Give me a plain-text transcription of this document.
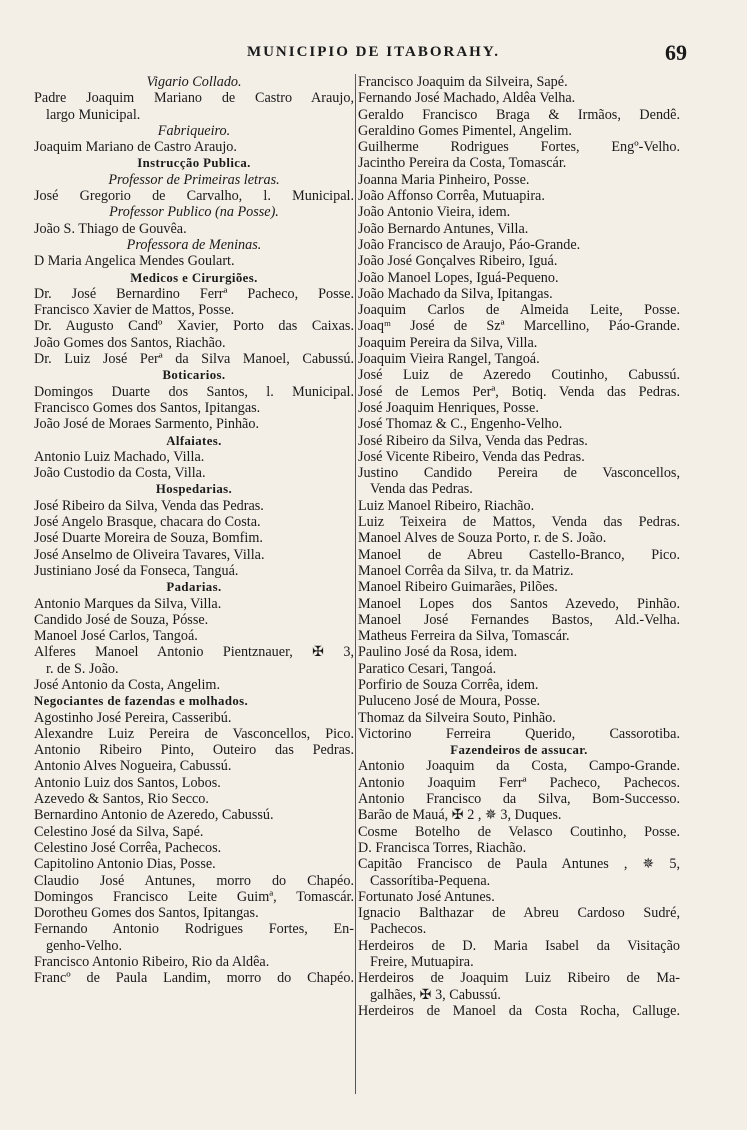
MUNICIPIO DE ITABORAHY.	69
Vigario Collado.
Padre Joaquim Mariano de Castro Araujo,
largo Municipal.
Fabriqueiro.
Joaquim Mariano de Castro Araujo.
Instrucção Publica.
Professor de Primeiras letras.
José Gregorio de Carvalho, l. Municipal.
Professor Publico (na Posse).
João S. Thiago de Gouvêa.
Professora de Meninas.
D Maria Angelica Mendes Goulart.
Medicos e Cirurgiões.
Dr. José Bernardino Ferrª Pacheco, Posse.
Francisco Xavier de Mattos, Posse.
Dr. Augusto Candº Xavier, Porto das Caixas.
João Gomes dos Santos, Riachão.
Dr. Luiz José Perª da Silva Manoel, Cabussú.
Boticarios.
Domingos Duarte dos Santos, l. Municipal.
Francisco Gomes dos Santos, Ipitangas.
João José de Moraes Sarmento, Pinhão.
Alfaiates.
Antonio Luiz Machado, Villa.
João Custodio da Costa, Villa.
Hospedarias.
José Ribeiro da Silva, Venda das Pedras.
José Angelo Brasque, chacara do Costa.
José Duarte Moreira de Souza, Bomfim.
José Anselmo de Oliveira Tavares, Villa.
Justiniano José da Fonseca, Tanguá.
Padarias.
Antonio Marques da Silva, Villa.
Candido José de Souza, Pósse.
Manoel José Carlos, Tangoá.
Alferes Manoel Antonio Pientznauer, ✠ 3,
r. de S. João.
José Antonio da Costa, Angelim.
Negociantes de fazendas e molhados.
Agostinho José Pereira, Casseribú.
Alexandre Luiz Pereira de Vasconcellos, Pico.
Antonio Ribeiro Pinto, Outeiro das Pedras.
Antonio Alves Nogueira, Cabussú.
Antonio Luiz dos Santos, Lobos.
Azevedo & Santos, Rio Secco.
Bernardino Antonio de Azeredo, Cabussú.
Celestino José da Silva, Sapé.
Celestino José Corrêa, Pachecos.
Capitolino Antonio Dias, Posse.
Claudio José Antunes, morro do Chapéo.
Domingos Francisco Leite Guimª, Tomascár.
Dorotheu Gomes dos Santos, Ipitangas.
Fernando Antonio Rodrigues Fortes, En-
genho-Velho.
Francisco Antonio Ribeiro, Rio da Aldêa.
Francº de Paula Landim, morro do Chapéo.
Francisco Joaquim da Silveira, Sapé.
Fernando José Machado, Aldêa Velha.
Geraldo Francisco Braga & Irmãos, Dendê.
Geraldino Gomes Pimentel, Angelim.
Guilherme Rodrigues Fortes, Engº-Velho.
Jacintho Pereira da Costa, Tomascár.
Joanna Maria Pinheiro, Posse.
João Affonso Corrêa, Mutuapira.
João Antonio Vieira, idem.
João Bernardo Antunes, Villa.
João Francisco de Araujo, Páo-Grande.
João José Gonçalves Ribeiro, Iguá.
João Manoel Lopes, Iguá-Pequeno.
João Machado da Silva, Ipitangas.
Joaquim Carlos de Almeida Leite, Posse.
Joaqᵐ José de Szª Marcellino, Páo-Grande.
Joaquim Pereira da Silva, Villa.
Joaquim Vieira Rangel, Tangoá.
José Luiz de Azeredo Coutinho, Cabussú.
José de Lemos Perª, Botiq. Venda das Pedras.
José Joaquim Henriques, Posse.
José Thomaz & C., Engenho-Velho.
José Ribeiro da Silva, Venda das Pedras.
José Vicente Ribeiro, Venda das Pedras.
Justino Candido Pereira de Vasconcellos,
Venda das Pedras.
Luiz Manoel Ribeiro, Riachão.
Luiz Teixeira de Mattos, Venda das Pedras.
Manoel Alves de Souza Porto, r. de S. João.
Manoel de Abreu Castello-Branco, Pico.
Manoel Corrêa da Silva, tr. da Matriz.
Manoel Ribeiro Guimarães, Pilões.
Manoel Lopes dos Santos Azevedo, Pinhão.
Manoel José Fernandes Bastos, Ald.-Velha.
Matheus Ferreira da Silva, Tomascár.
Paulino José da Rosa, idem.
Paratico Cesari, Tangoá.
Porfirio de Souza Corrêa, idem.
Puluceno José de Moura, Posse.
Thomaz da Silveira Souto, Pinhão.
Victorino Ferreira Querido, Cassorotiba.
Fazendeiros de assucar.
Antonio Joaquim da Costa, Campo-Grande.
Antonio Joaquim Ferrª Pacheco, Pachecos.
Antonio Francisco da Silva, Bom-Successo.
Barão de Mauá, ✠ 2 , ✵ 3, Duques.
Cosme Botelho de Velasco Coutinho, Posse.
D. Francisca Torres, Riachão.
Capitão Francisco de Paula Antunes , ✵ 5,
Cassorítiba-Pequena.
Fortunato José Antunes.
Ignacio Balthazar de Abreu Cardoso Sudré,
Pachecos.
Herdeiros de D. Maria Isabel da Visitação
Freire, Mutuapira.
Herdeiros de Joaquim Luiz Ribeiro de Ma-
galhães, ✠ 3, Cabussú.
Herdeiros de Manoel da Costa Rocha, Calluge.
